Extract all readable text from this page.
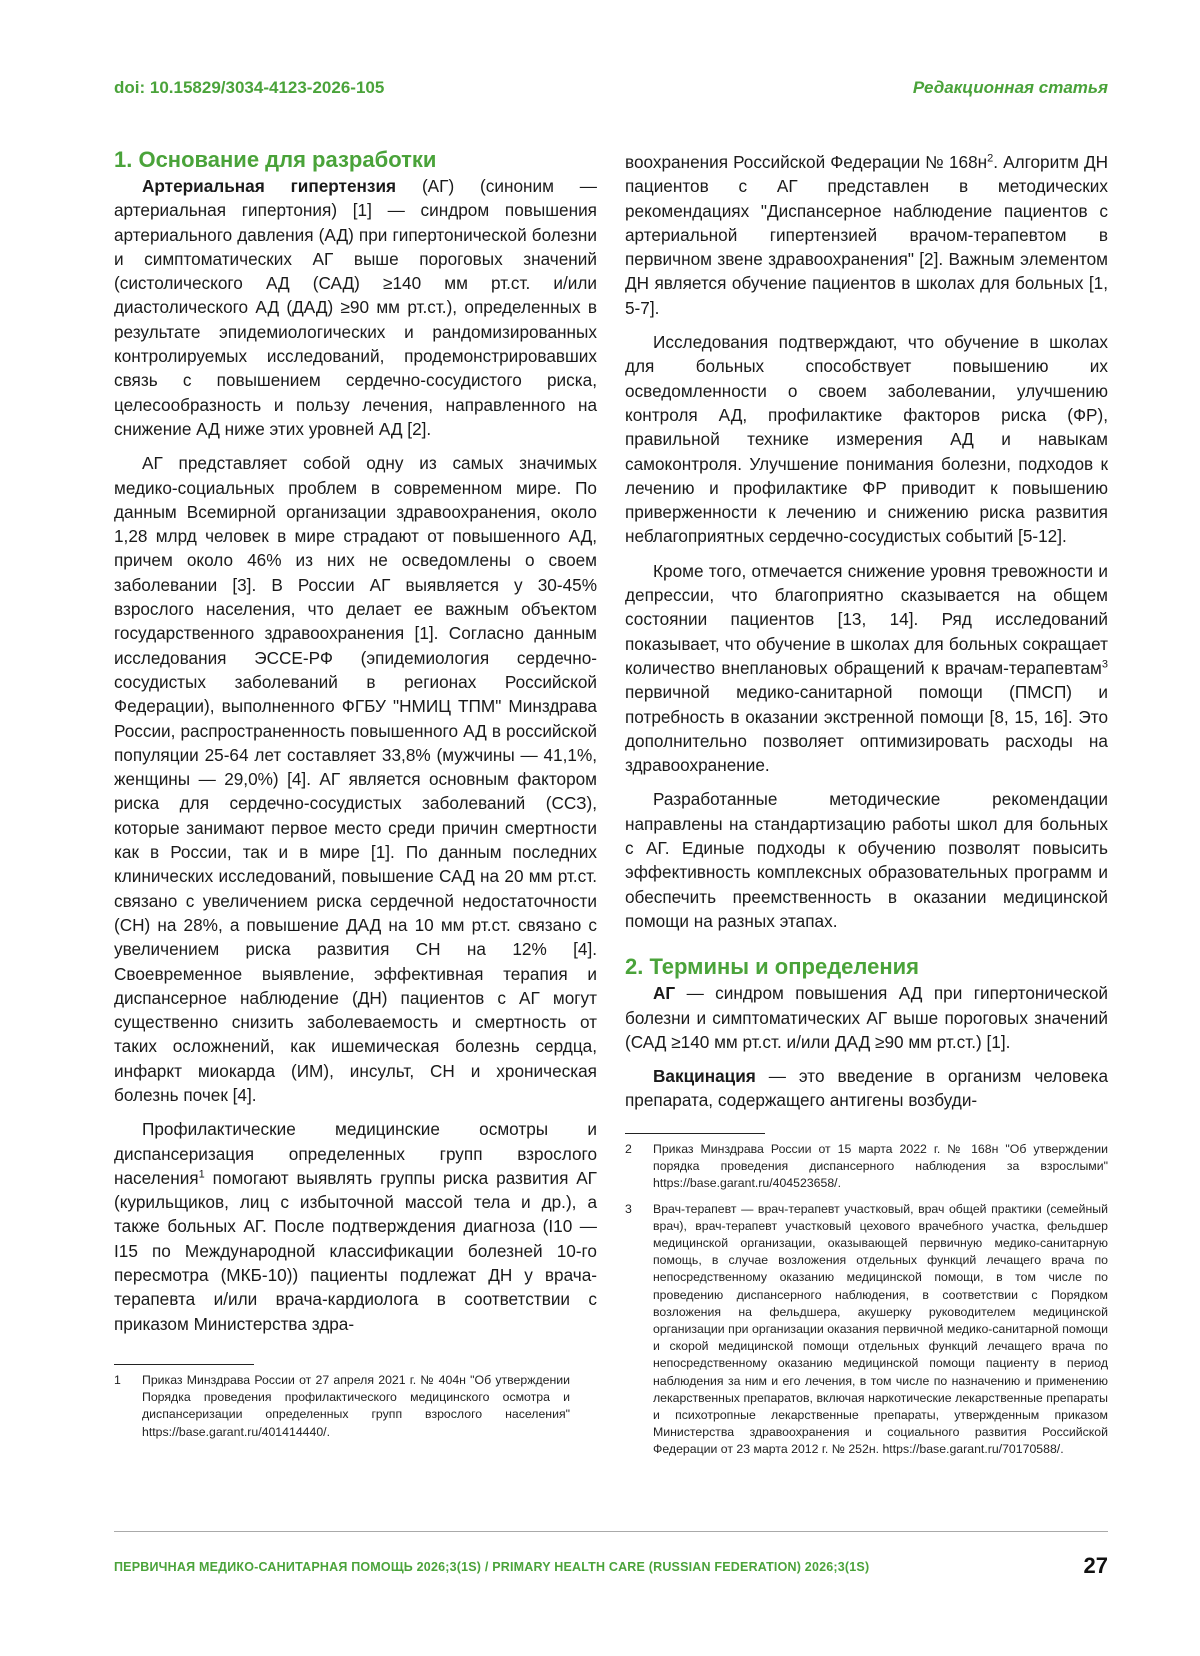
doi: 10.15829/3034-4123-2026-105	Редакционная статья
1. Основание для разработки

Артериальная гипертензия (АГ) (синоним — артериальная гипертония) [1] — синдром повышения артериального давления (АД) при гипертонической болезни и симптоматических АГ выше пороговых значений (систолического АД (САД) ≥140 мм рт.ст. и/или диастолического АД (ДАД) ≥90 мм рт.ст.), определенных в результате эпидемиологических и рандомизированных контролируемых исследований, продемонстрировавших связь с повышением сердечно-сосудистого риска, целесообразность и пользу лечения, направленного на снижение АД ниже этих уровней АД [2].

АГ представляет собой одну из самых значимых медико-социальных проблем в современном мире. По данным Всемирной организации здравоохранения, около 1,28 млрд человек в мире страдают от повышенного АД, причем около 46% из них не осведомлены о своем заболевании [3]. В России АГ выявляется у 30-45% взрослого населения, что делает ее важным объектом государственного здравоохранения [1]. Согласно данным исследования ЭССЕ-РФ (эпидемиология сердечно-сосудистых заболеваний в регионах Российской Федерации), выполненного ФГБУ "НМИЦ ТПМ" Минздрава России, распространенность повышенного АД в российской популяции 25-64 лет составляет 33,8% (мужчины — 41,1%, женщины — 29,0%) [4]. АГ является основным фактором риска для сердечно-сосудистых заболеваний (ССЗ), которые занимают первое место среди причин смертности как в России, так и в мире [1]. По данным последних клинических исследований, повышение САД на 20 мм рт.ст. связано с увеличением риска сердечной недостаточности (СН) на 28%, а повышение ДАД на 10 мм рт.ст. связано с увеличением риска развития СН на 12% [4]. Своевременное выявление, эффективная терапия и диспансерное наблюдение (ДН) пациентов с АГ могут существенно снизить заболеваемость и смертность от таких осложнений, как ишемическая болезнь сердца, инфаркт миокарда (ИМ), инсульт, СН и хроническая болезнь почек [4].

Профилактические медицинские осмотры и диспансеризация определенных групп взрослого населения$^1$ помогают выявлять группы риска развития АГ (курильщиков, лиц с избыточной массой тела и др.), а также больных АГ. После подтверждения диагноза (I10 — I15 по Международной классификации болезней 10-го пересмотра (МКБ-10)) пациенты подлежат ДН у врача-терапевта и/или врача-кардиолога в соответствии с приказом Министерства здра-

1 Приказ Минздрава России от 27 апреля 2021 г. № 404н "Об утверждении Порядка проведения профилактического медицинского осмотра и диспансеризации определенных групп взрослого населения" https://base.garant.ru/401414440/.

воохранения Российской Федерации № $168н^2$. Алгоритм ДН пациентов с АГ представлен в методических рекомендациях "Диспансерное наблюдение пациентов с артериальной гипертензией врачом-терапевтом в первичном звене здравоохранения" [2]. Важным элементом ДН является обучение пациентов в школах для больных [1, 5-7].

Исследования подтверждают, что обучение в школах для больных способствует повышению их осведомленности о своем заболевании, улучшению контроля АД, профилактике факторов риска (ФР), правильной технике измерения АД и навыкам самоконтроля. Улучшение понимания болезни, подходов к лечению и профилактике ФР приводит к повышению приверженности к лечению и снижению риска развития неблагоприятных сердечно-сосудистых событий [5-12].

Кроме того, отмечается снижение уровня тревожности и депрессии, что благоприятно сказывается на общем состоянии пациентов [13, 14]. Ряд исследований показывает, что обучение в школах для больных сокращает количество внеплановых обращений к врачам-терапевтам$^3$ первичной медико-санитарной помощи (ПМСП) и потребность в оказании экстренной помощи [8, 15, 16]. Это дополнительно позволяет оптимизировать расходы на здравоохранение.

Разработанные методические рекомендации направлены на стандартизацию работы школ для больных с АГ. Единые подходы к обучению позволят повысить эффективность комплексных образовательных программ и обеспечить преемственность в оказании медицинской помощи на разных этапах.

2. Термины и определения

АГ — синдром повышения АД при гипертонической болезни и симптоматических АГ выше пороговых значений (САД ≥140 мм рт.ст. и/или ДАД ≥90 мм рт.ст.) [1].

Вакцинация — это введение в организм человека препарата, содержащего антигены возбуди-

2 Приказ Минздрава России от 15 марта 2022 г. № 168н "Об утверждении порядка проведения диспансерного наблюдения за взрослыми" https://base.garant.ru/404523658/.
3 Врач-терапевт — врач-терапевт участковый, врач общей практики (семейный врач), врач-терапевт участковый цехового врачебного участка, фельдшер медицинской организации, оказывающей первичную медико-санитарную помощь, в случае возложения отдельных функций лечащего врача по непосредственному оказанию медицинской помощи, в том числе по проведению диспансерного наблюдения, в соответствии с Порядком возложения на фельдшера, акушерку руководителем медицинской организации при организации оказания первичной медико-санитарной помощи и скорой медицинской помощи отдельных функций лечащего врача по непосредственному оказанию медицинской помощи пациенту в период наблюдения за ним и его лечения, в том числе по назначению и применению лекарственных препаратов, включая наркотические лекарственные препараты и психотропные лекарственные препараты, утвержденным приказом Министерства здравоохранения и социального развития Российской Федерации от 23 марта 2012 г. № 252н. https://base.garant.ru/70170588/.
ПЕРВИЧНАЯ МЕДИКО-САНИТАРНАЯ ПОМОЩЬ 2026;3(1S) / PRIMARY HEALTH CARE (RUSSIAN FEDERATION) 2026;3(1S)	27
